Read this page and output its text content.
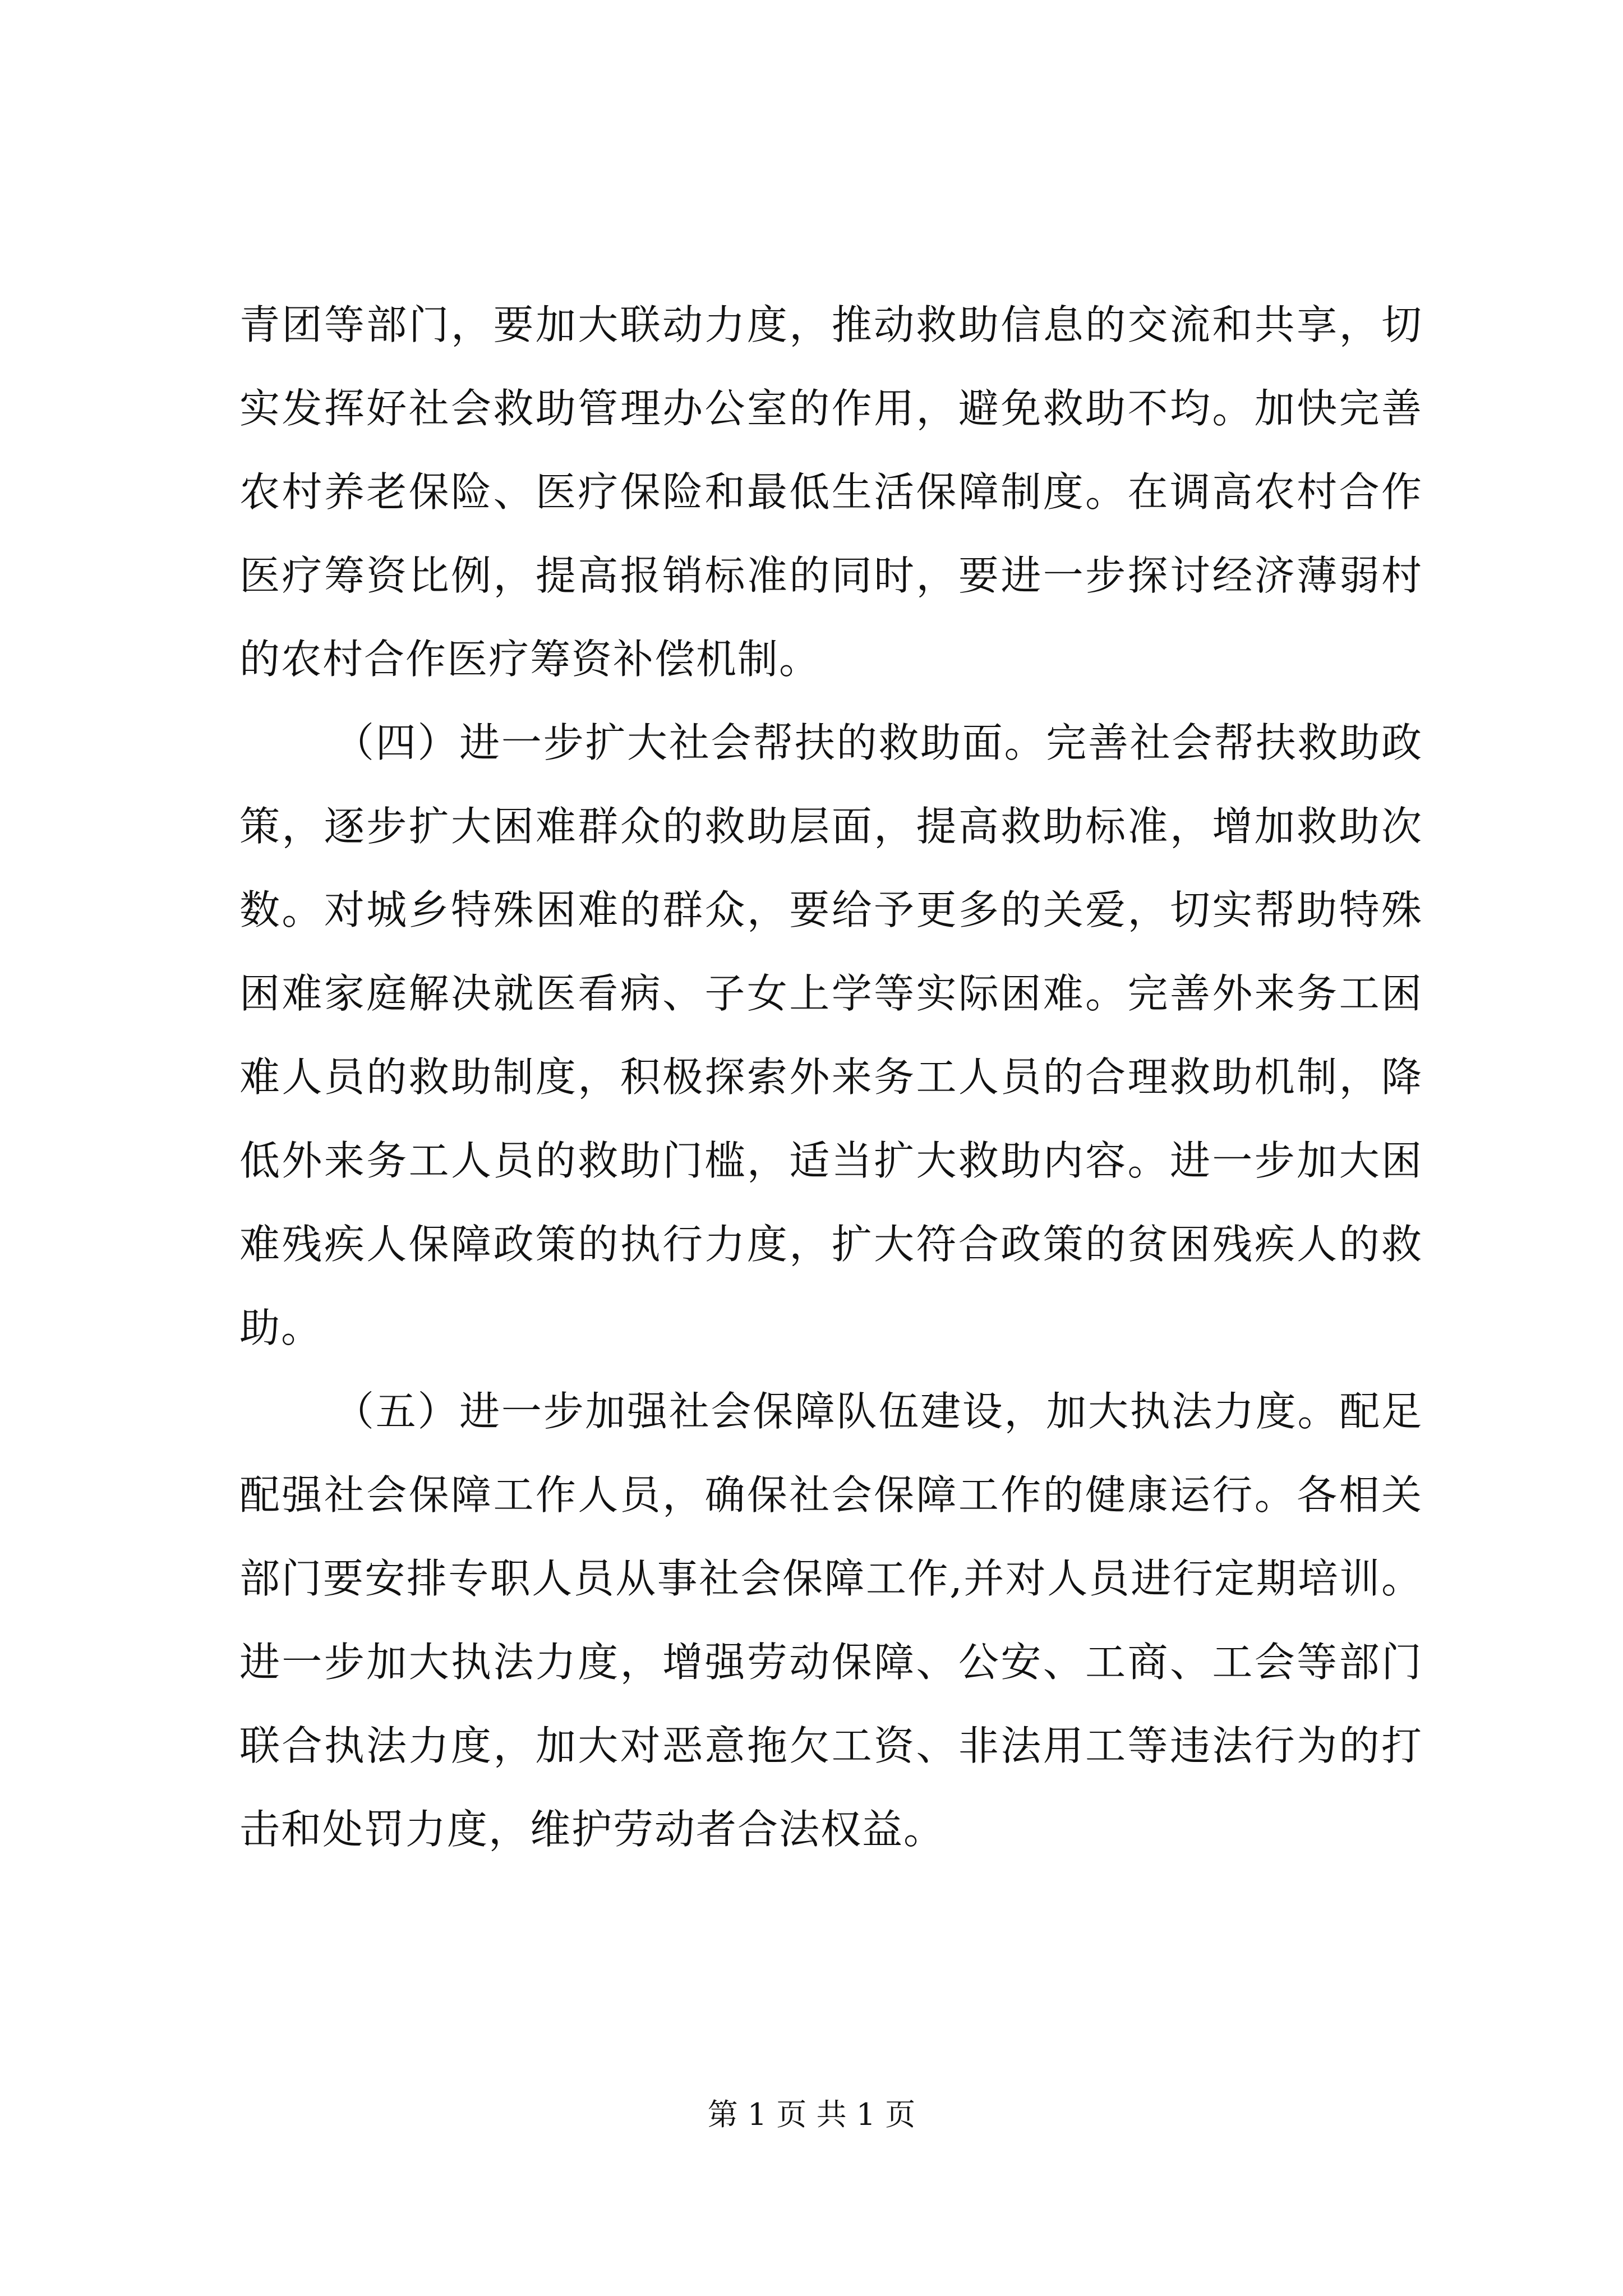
青团等部门，要加大联动力度，推动救助信息的交流和共享，切实发挥好社会救助管理办公室的作用，避免救助不均。加快完善农村养老保险、医疗保险和最低生活保障制度。在调高农村合作医疗筹资比例，提高报销标准的同时，要进一步探讨经济薄弱村的农村合作医疗筹资补偿机制。

（四）进一步扩大社会帮扶的救助面。完善社会帮扶救助政策，逐步扩大困难群众的救助层面，提高救助标准，增加救助次数。对城乡特殊困难的群众，要给予更多的关爱，切实帮助特殊困难家庭解决就医看病、子女上学等实际困难。完善外来务工困难人员的救助制度，积极探索外来务工人员的合理救助机制，降低外来务工人员的救助门槛，适当扩大救助内容。进一步加大困难残疾人保障政策的执行力度，扩大符合政策的贫困残疾人的救助。

（五）进一步加强社会保障队伍建设，加大执法力度。配足配强社会保障工作人员，确保社会保障工作的健康运行。各相关部门要安排专职人员从事社会保障工作,并对人员进行定期培训。进一步加大执法力度，增强劳动保障、公安、工商、工会等部门联合执法力度，加大对恶意拖欠工资、非法用工等违法行为的打击和处罚力度，维护劳动者合法权益。

第 1 页 共 1 页
